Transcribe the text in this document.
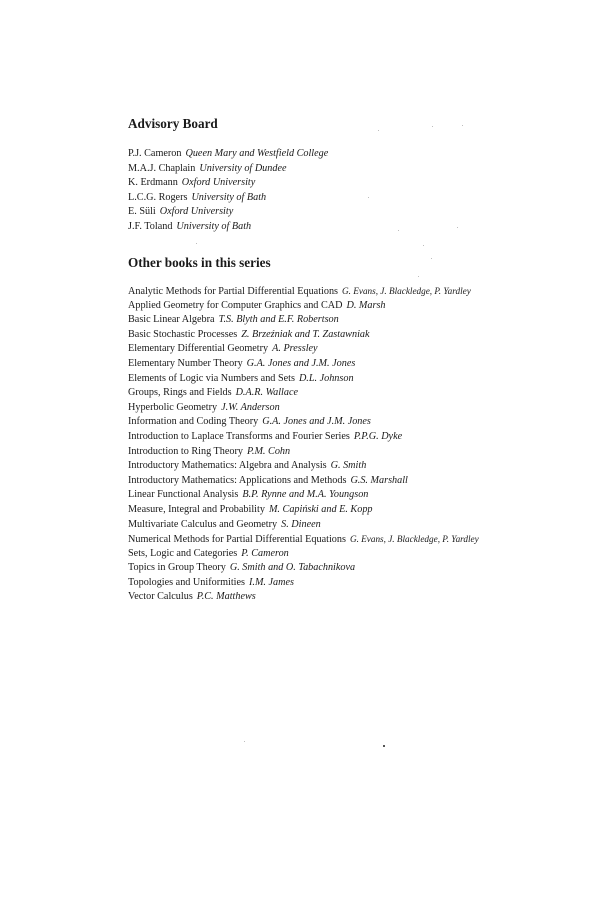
Advisory Board
P.J. Cameron Queen Mary and Westfield College
M.A.J. Chaplain University of Dundee
K. Erdmann Oxford University
L.C.G. Rogers University of Bath
E. Süli Oxford University
J.F. Toland University of Bath
Other books in this series
Analytic Methods for Partial Differential Equations G. Evans, J. Blackledge, P. Yardley
Applied Geometry for Computer Graphics and CAD D. Marsh
Basic Linear Algebra T.S. Blyth and E.F. Robertson
Basic Stochastic Processes Z. Brzeźniak and T. Zastawniak
Elementary Differential Geometry A. Pressley
Elementary Number Theory G.A. Jones and J.M. Jones
Elements of Logic via Numbers and Sets D.L. Johnson
Groups, Rings and Fields D.A.R. Wallace
Hyperbolic Geometry J.W. Anderson
Information and Coding Theory G.A. Jones and J.M. Jones
Introduction to Laplace Transforms and Fourier Series P.P.G. Dyke
Introduction to Ring Theory P.M. Cohn
Introductory Mathematics: Algebra and Analysis G. Smith
Introductory Mathematics: Applications and Methods G.S. Marshall
Linear Functional Analysis B.P. Rynne and M.A. Youngson
Measure, Integral and Probability M. Capiński and E. Kopp
Multivariate Calculus and Geometry S. Dineen
Numerical Methods for Partial Differential Equations G. Evans, J. Blackledge, P. Yardley
Sets, Logic and Categories P. Cameron
Topics in Group Theory G. Smith and O. Tabachnikova
Topologies and Uniformities I.M. James
Vector Calculus P.C. Matthews
